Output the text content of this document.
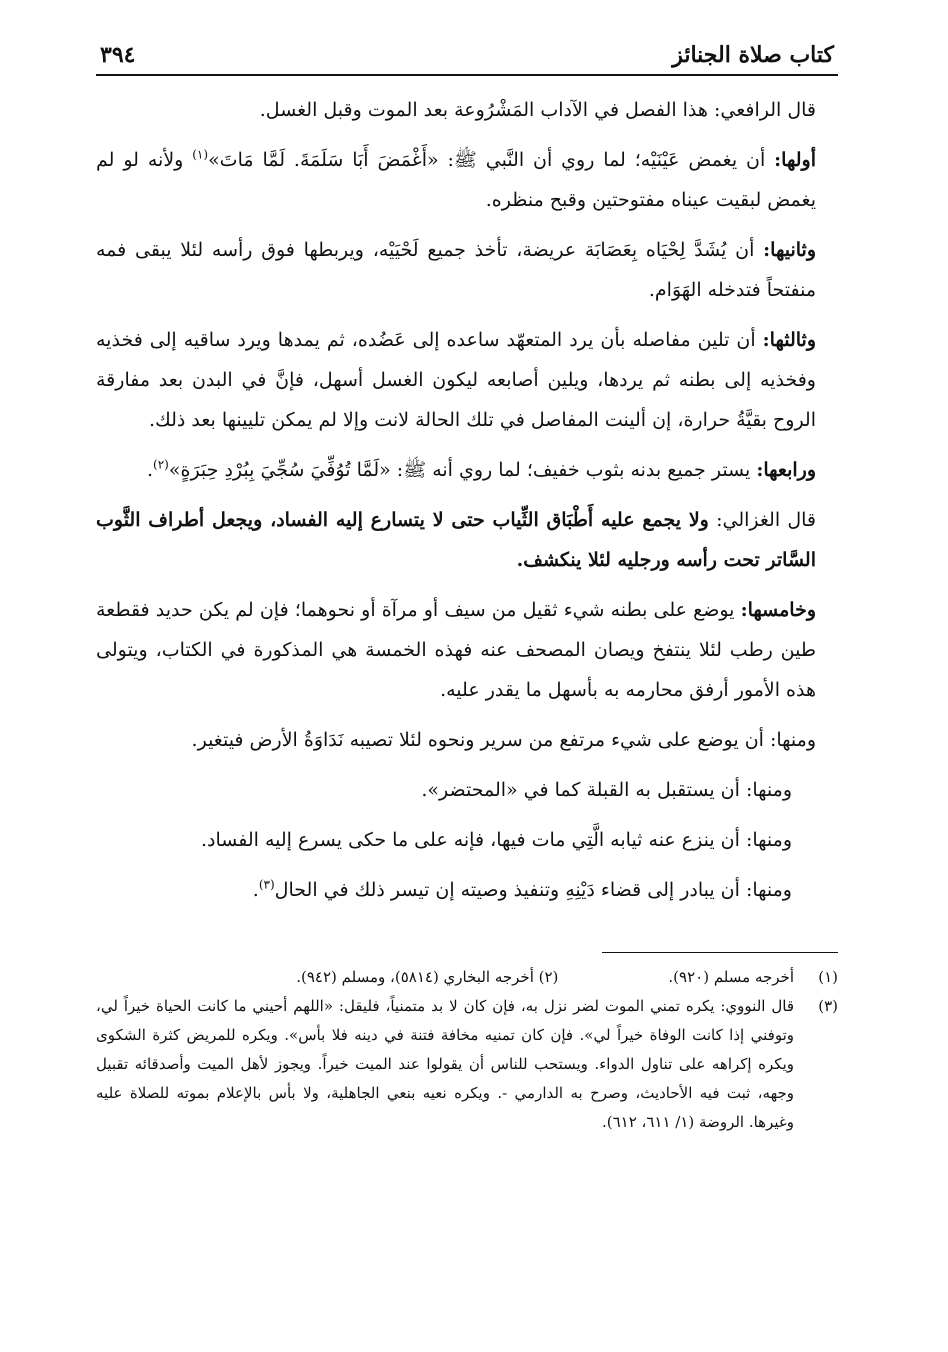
كتاب صلاة الجنائز
٣٩٤

قال الرافعي: هذا الفصل في الآداب المَشْرُوعة بعد الموت وقبل الغسل.

أولها: أن يغمض عَيْنَيْه؛ لما روي أن النَّبي ﷺ: «أَغْمَضَ أَبَا سَلَمَةَ. لَمَّا مَاتَ»$^{(١)}$ ولأنه لو لم يغمض لبقيت عيناه مفتوحتين وقبح منظره.

وثانيها: أن يُشَدَّ لِحْيَاه بِعَصَابَة عريضة، تأخذ جميع لَحْيَيْه، ويربطها فوق رأسه لئلا يبقى فمه منفتحاً فتدخله الهَوَام.

وثالثها: أن تلين مفاصله بأن يرد المتعهّد ساعده إلى عَضُده، ثم يمدها ويرد ساقيه إلى فخذيه وفخذيه إلى بطنه ثم يردها، ويلين أصابعه ليكون الغسل أسهل، فإنَّ في البدن بعد مفارقة الروح بقيَّةُ حرارة، إن ألينت المفاصل في تلك الحالة لانت وإلا لم يمكن تليينها بعد ذلك.

ورابعها: يستر جميع بدنه بثوب خفيف؛ لما روي أنه ﷺ: «لَمَّا تُوُفِّيَ سُجِّيَ بِبُرْدِ حِبَرَةٍ»$^{(٢)}$.

قال الغزالي: ولا يجمع عليه أَطْبَاق الثِّياب حتى لا يتسارع إليه الفساد، ويجعل أطراف الثَّوب السَّاتر تحت رأسه ورجليه لئلا ينكشف.

وخامسها: يوضع على بطنه شيء ثقيل من سيف أو مرآة أو نحوهما؛ فإن لم يكن حديد فقطعة طين رطب لئلا ينتفخ ويصان المصحف عنه فهذه الخمسة هي المذكورة في الكتاب، ويتولى هذه الأمور أرفق محارمه به بأسهل ما يقدر عليه.

ومنها: أن يوضع على شيء مرتفع من سرير ونحوه لئلا تصيبه نَدَاوَةُ الأرض فيتغير.

ومنها: أن يستقبل به القبلة كما في «المحتضر».

ومنها: أن ينزع عنه ثيابه الَّتِي مات فيها، فإنه على ما حكى يسرع إليه الفساد.

ومنها: أن يبادر إلى قضاء دَيْنِهِ وتنفيذ وصيته إن تيسر ذلك في الحال$^{(٣)}$.

(١)
أخرجه مسلم (٩٢٠).
(٢) أخرجه البخاري (٥٨١٤)، ومسلم (٩٤٢).
(٣)
قال النووي: يكره تمني الموت لضر نزل به، فإن كان لا بد متمنياً، فليقل: «اللهم أحيني ما كانت الحياة خيراً لي، وتوفني إذا كانت الوفاة خيراً لي». فإن كان تمنيه مخافة فتنة في دينه فلا بأس». ويكره للمريض كثرة الشكوى ويكره إكراهه على تناول الدواء. ويستحب للناس أن يقولوا عند الميت خيراً. ويجوز لأهل الميت وأصدقائه تقبيل وجهه، ثبت فيه الأحاديث، وصرح به الدارمي -. ويكره نعيه بنعي الجاهلية، ولا بأس بالإعلام بموته للصلاة عليه وغيرها. الروضة (١/ ٦١١، ٦١٢).
